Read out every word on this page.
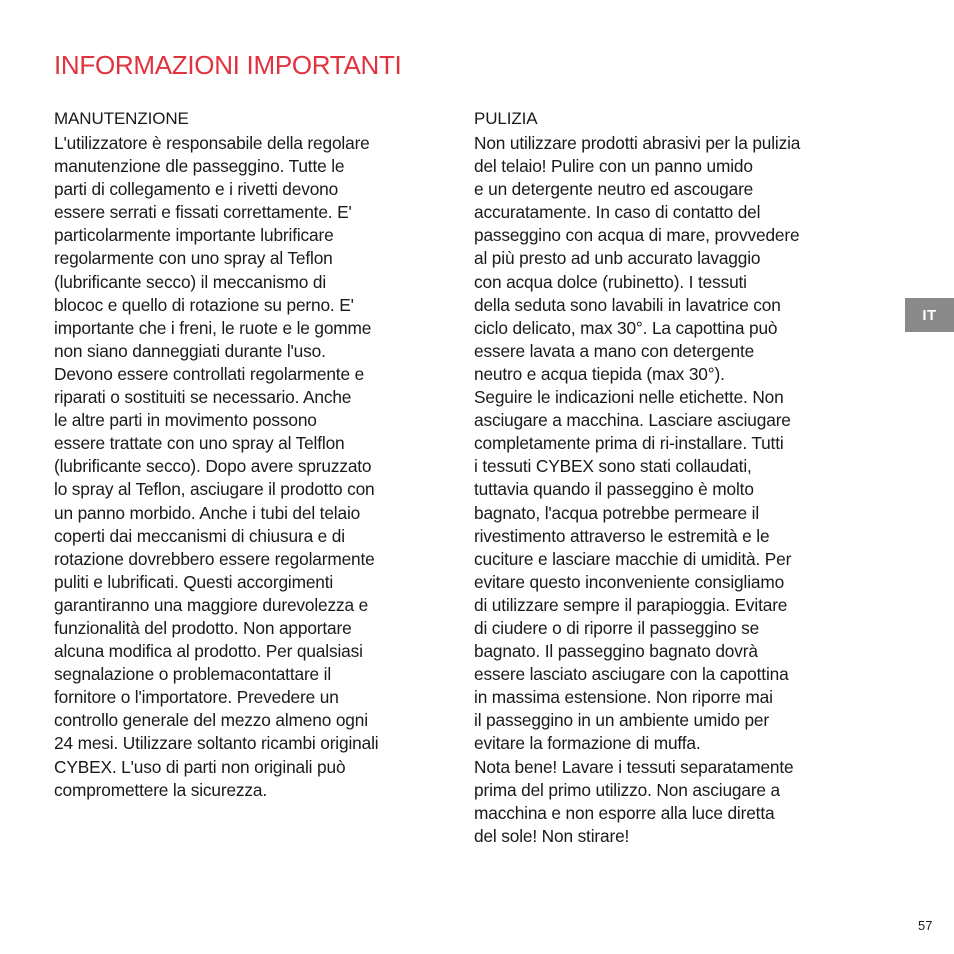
INFORMAZIONI IMPORTANTI
MANUTENZIONE
L'utilizzatore è responsabile della regolare
manutenzione dle passeggino. Tutte le
parti di collegamento e i rivetti devono
essere serrati e fissati correttamente. E'
particolarmente importante lubrificare
regolarmente con uno spray al Teflon
(lubrificante secco) il meccanismo di
blococ e quello di rotazione su perno. E'
importante che i freni, le ruote e le gomme
non siano danneggiati durante l'uso.
Devono essere controllati regolarmente e
riparati o sostituiti se necessario. Anche
le altre parti in movimento possono
essere trattate con uno spray al Telflon
(lubrificante secco). Dopo avere spruzzato
lo spray al Teflon, asciugare il prodotto con
un panno morbido. Anche i tubi del telaio
coperti dai meccanismi di chiusura e di
rotazione dovrebbero essere regolarmente
puliti e lubrificati. Questi accorgimenti
garantiranno una maggiore durevolezza e
funzionalità del prodotto. Non apportare
alcuna modifica al prodotto. Per qualsiasi
segnalazione o problemacontattare il
fornitore o l'importatore. Prevedere un
controllo generale del mezzo almeno ogni
24 mesi. Utilizzare soltanto ricambi originali
CYBEX. L'uso di parti non originali può
compromettere la sicurezza.
PULIZIA
Non utilizzare prodotti abrasivi per la pulizia
del telaio! Pulire con un panno umido
e un detergente neutro ed ascougare
accuratamente. In caso di contatto del
passeggino con acqua di mare, provvedere
al più presto ad unb accurato lavaggio
con acqua dolce (rubinetto). I tessuti
della seduta sono lavabili in lavatrice con
ciclo delicato, max 30°. La capottina può
essere lavata a mano con detergente
neutro e acqua tiepida (max 30°).
Seguire le indicazioni nelle etichette. Non
asciugare a macchina. Lasciare asciugare
completamente prima di ri-installare. Tutti
i tessuti CYBEX sono stati collaudati,
tuttavia quando il passeggino è molto
bagnato, l'acqua potrebbe permeare il
rivestimento attraverso le estremità e le
cuciture e lasciare macchie di umidità. Per
evitare questo inconveniente consigliamo
di utilizzare sempre il parapioggia. Evitare
di ciudere o di riporre il passeggino se
bagnato. Il passeggino bagnato dovrà
essere lasciato asciugare con la capottina
in massima estensione. Non riporre mai
il passeggino in un ambiente umido per
evitare la formazione di muffa.
Nota bene! Lavare i tessuti separatamente
prima del primo utilizzo. Non asciugare a
macchina e non esporre alla luce diretta
del sole! Non stirare!
IT
57
